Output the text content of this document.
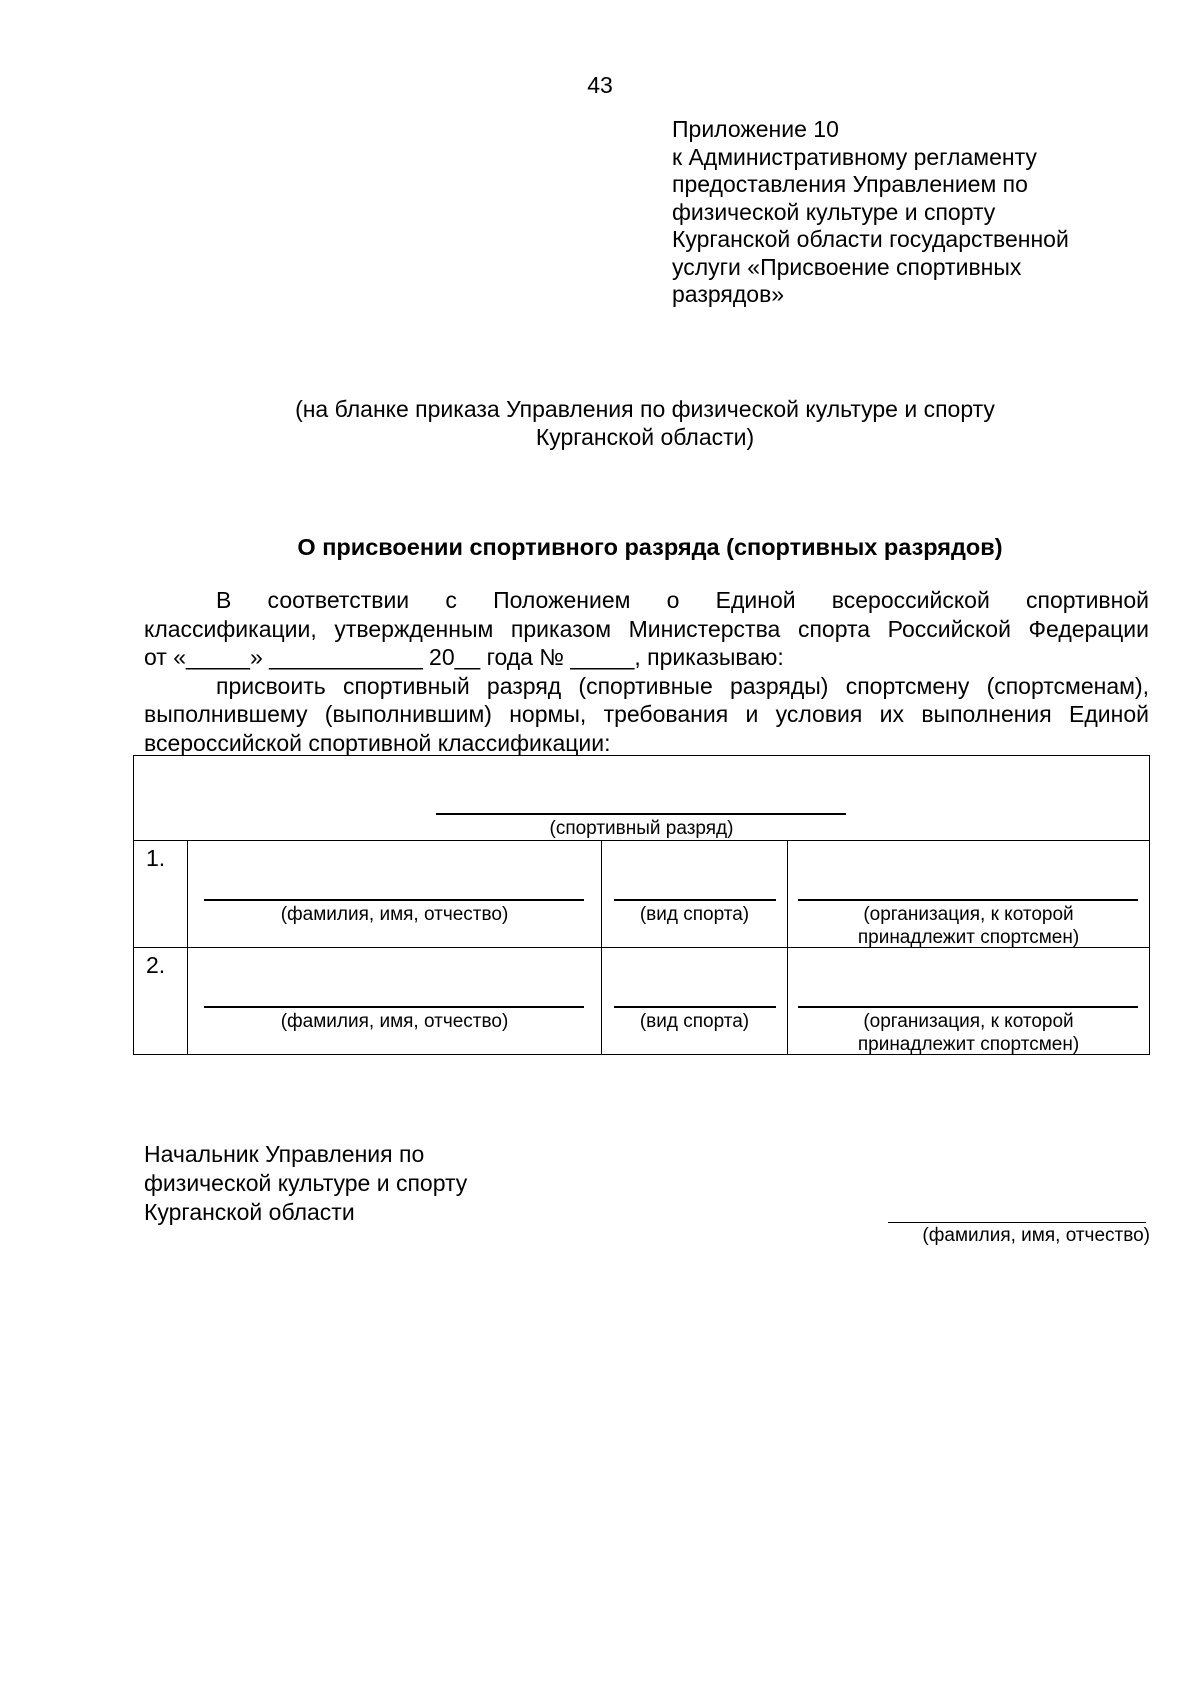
43
Приложение 10
к Административному регламенту
предоставления Управлением по
физической культуре и спорту
Курганской области государственной
услуги «Присвоение спортивных
разрядов»
(на бланке приказа Управления по физической культуре и спорту
Курганской области)
О присвоении спортивного разряда (спортивных разрядов)

В соответствии с Положением о Единой всероссийской спортивной

классификации, утвержденным приказом Министерства спорта Российской Федерации

от «_____» ____________ 20__ года № _____, приказываю:

присвоить спортивный разряд (спортивные разряды) спортсмену (спортсменам),

выполнившему (выполнившим) нормы, требования и условия их выполнения Единой

всероссийской спортивной классификации:

(спортивный разряд)			

1.	(фамилия, имя, отчество)	(вид спорта)	(организация, к которой
принадлежит спортсмен)

2.	(фамилия, имя, отчество)	(вид спорта)	(организация, к которой
принадлежит спортсмен)
Начальник Управления по
физической культуре и спорту
Курганской области
(фамилия, имя, отчество)
